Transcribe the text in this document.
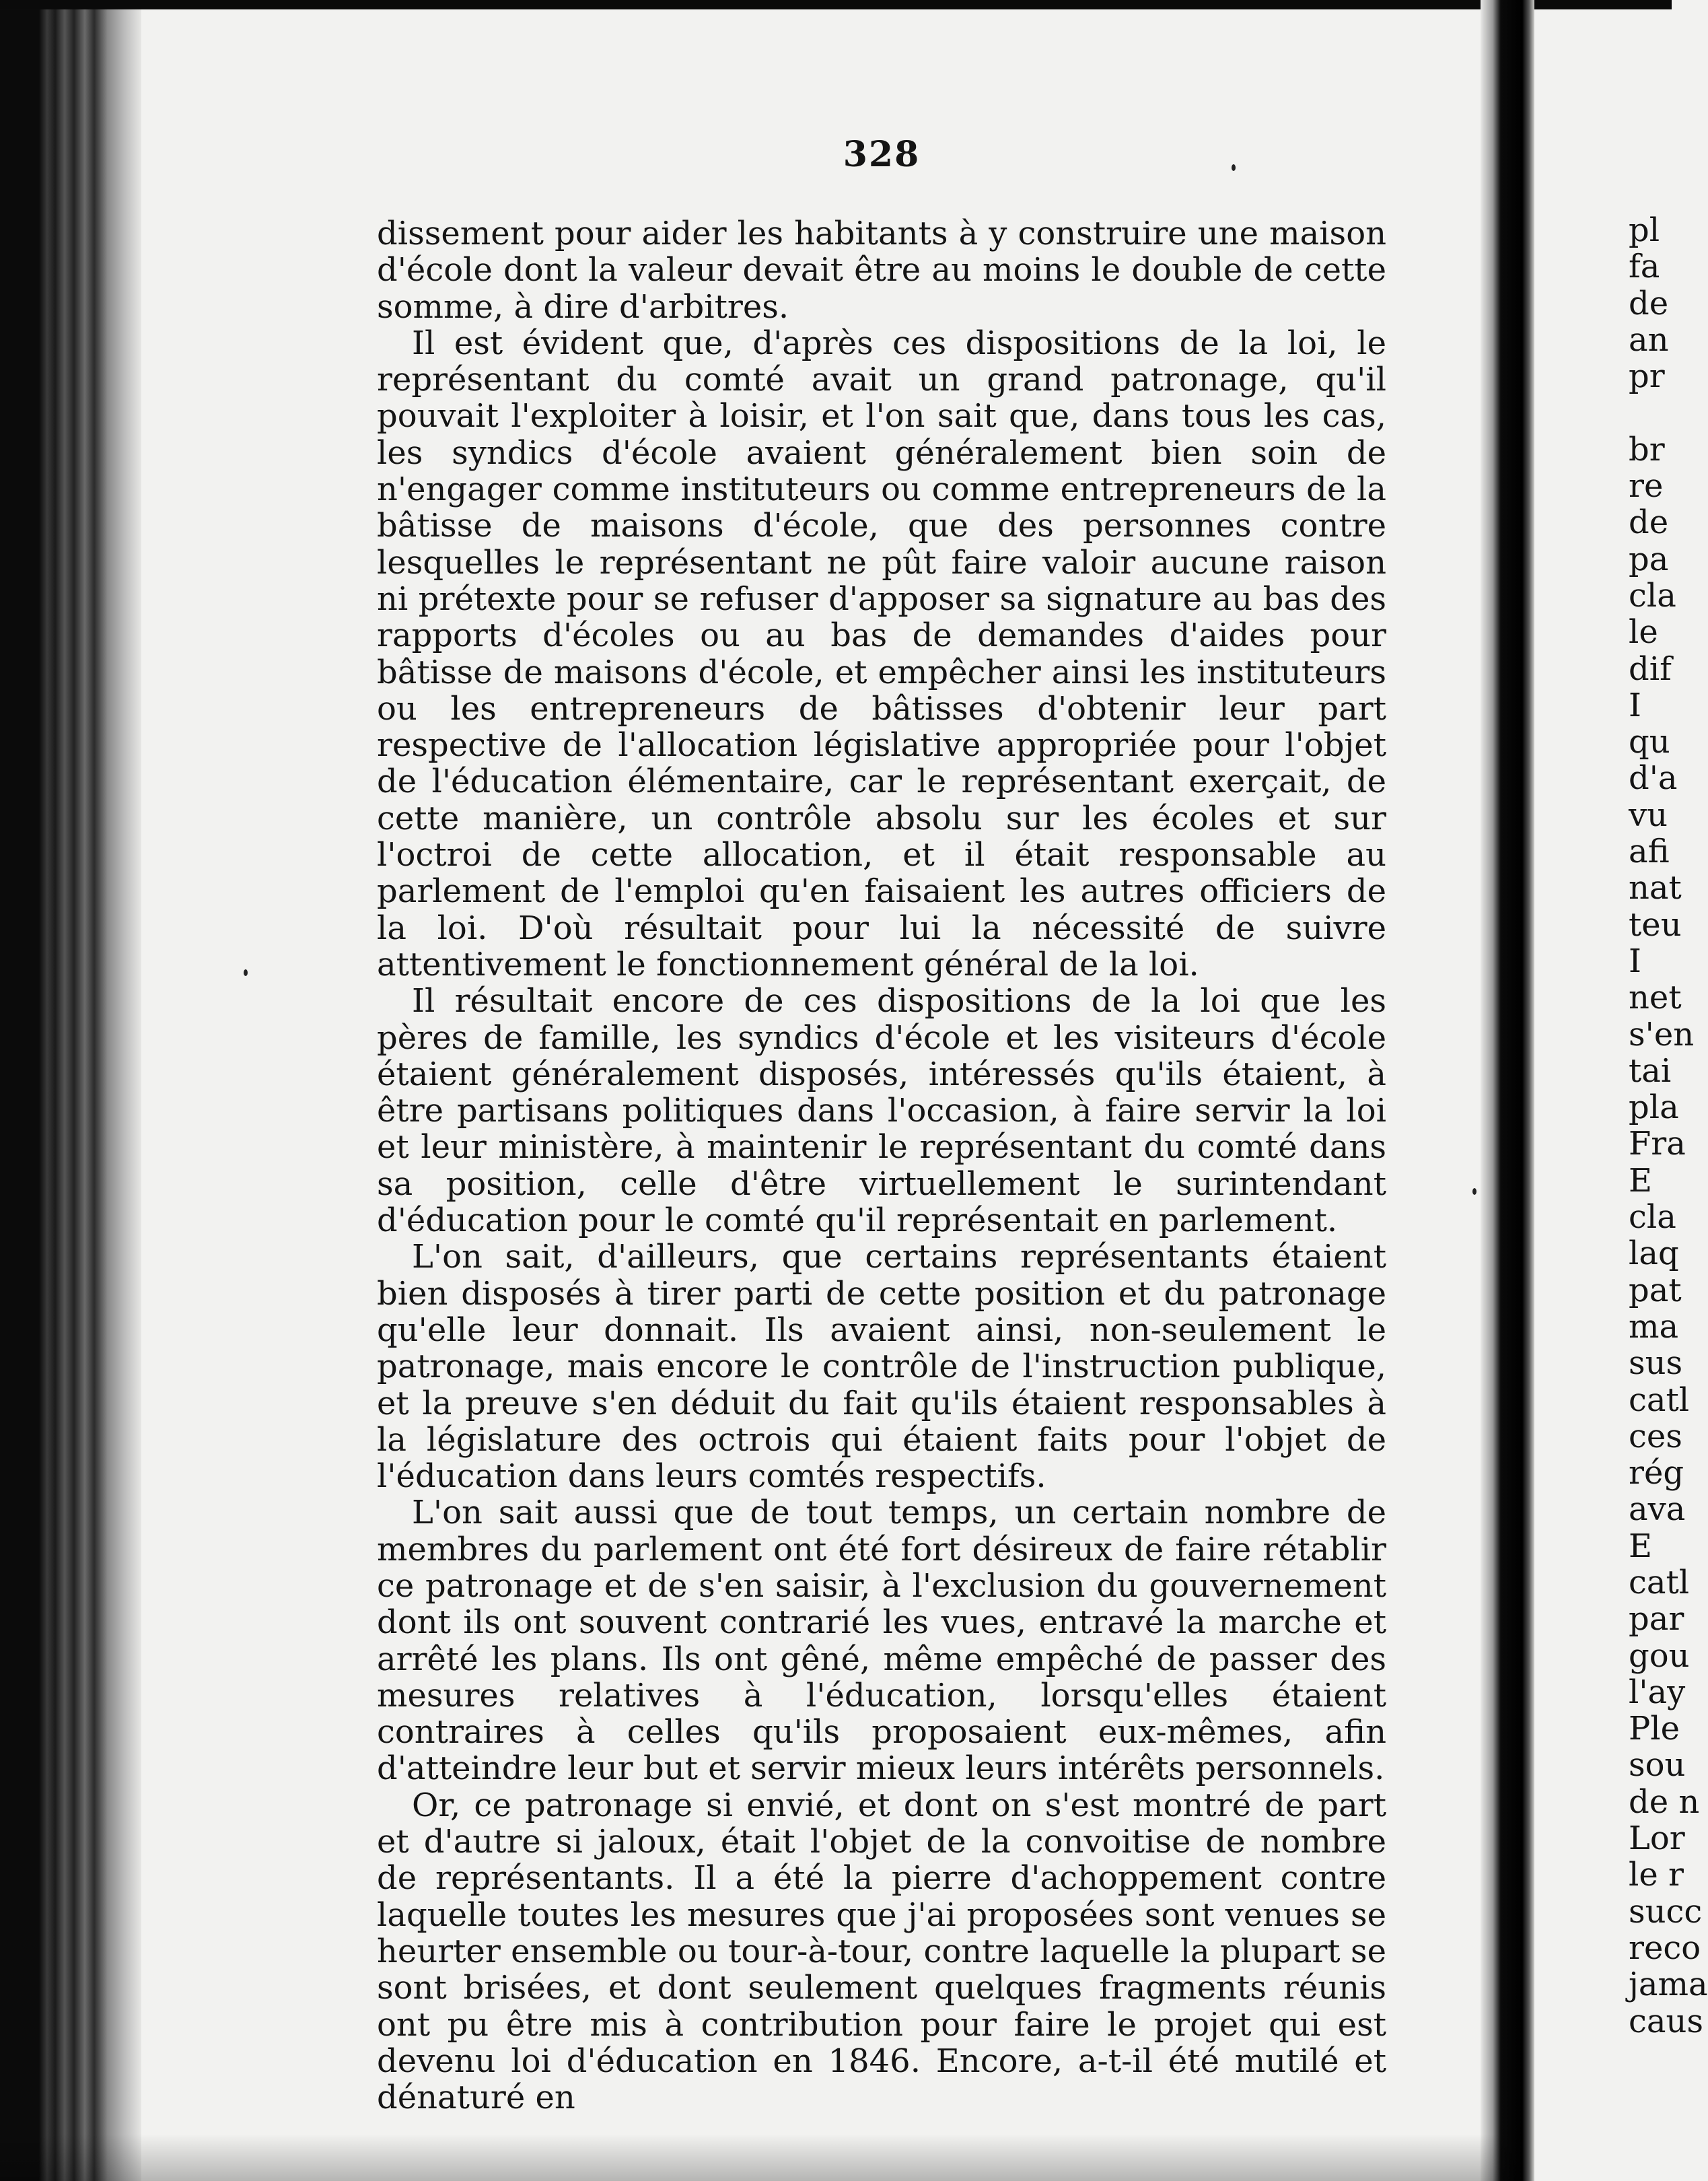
328

dissement pour aider les habitants à y construire une maison d'école dont la valeur devait être au moins le double de cette somme, à dire d'arbitres.

Il est évident que, d'après ces dispositions de la loi, le représentant du comté avait un grand patronage, qu'il pouvait l'exploiter à loisir, et l'on sait que, dans tous les cas, les syndics d'école avaient généralement bien soin de n'engager comme instituteurs ou comme entrepreneurs de la bâtisse de maisons d'école, que des personnes contre lesquelles le représentant ne pût faire valoir aucune raison ni prétexte pour se refuser d'apposer sa signature au bas des rapports d'écoles ou au bas de demandes d'aides pour bâtisse de maisons d'école, et empêcher ainsi les instituteurs ou les entrepreneurs de bâtisses d'obtenir leur part respective de l'allocation législative appropriée pour l'objet de l'éducation élémentaire, car le représentant exerçait, de cette manière, un contrôle absolu sur les écoles et sur l'octroi de cette allocation, et il était responsable au parlement de l'emploi qu'en faisaient les autres officiers de la loi. D'où résultait pour lui la nécessité de suivre attentivement le fonctionnement général de la loi.

Il résultait encore de ces dispositions de la loi que les pères de famille, les syndics d'école et les visiteurs d'école étaient généralement disposés, intéressés qu'ils étaient, à être partisans politiques dans l'occasion, à faire servir la loi et leur ministère, à maintenir le représentant du comté dans sa position, celle d'être virtuellement le surintendant d'éducation pour le comté qu'il représentait en parlement.

L'on sait, d'ailleurs, que certains représentants étaient bien disposés à tirer parti de cette position et du patronage qu'elle leur donnait. Ils avaient ainsi, non-seulement le patronage, mais encore le contrôle de l'instruction publique, et la preuve s'en déduit du fait qu'ils étaient responsables à la législature des octrois qui étaient faits pour l'objet de l'éducation dans leurs comtés respectifs.

L'on sait aussi que de tout temps, un certain nombre de membres du parlement ont été fort désireux de faire rétablir ce patronage et de s'en saisir, à l'exclusion du gouvernement dont ils ont souvent contrarié les vues, entravé la marche et arrêté les plans. Ils ont gêné, même empêché de passer des mesures relatives à l'éducation, lorsqu'elles étaient contraires à celles qu'ils proposaient eux-mêmes, afin d'atteindre leur but et servir mieux leurs intérêts personnels.

Or, ce patronage si envié, et dont on s'est montré de part et d'autre si jaloux, était l'objet de la convoitise de nombre de représentants. Il a été la pierre d'achoppement contre laquelle toutes les mesures que j'ai proposées sont venues se heurter ensemble ou tour-à-tour, contre laquelle la plupart se sont brisées, et dont seulement quelques fragments réunis ont pu être mis à contribution pour faire le projet qui est devenu loi d'éducation en 1846. Encore, a-t-il été mutilé et dénaturé en

pl
fa
de
an
pr
br
re
de
pa
cla
le
dif
I
qu
d'a
vu
afi
nat
teu
I
net
s'en
tai
pla
Fra
E
cla
laq
pat
ma
sus
catl
ces
rég
ava
E
catl
par
gou
l'ay
Ple
sou
de n
Lor
le r
succ
reco
jama
caus
